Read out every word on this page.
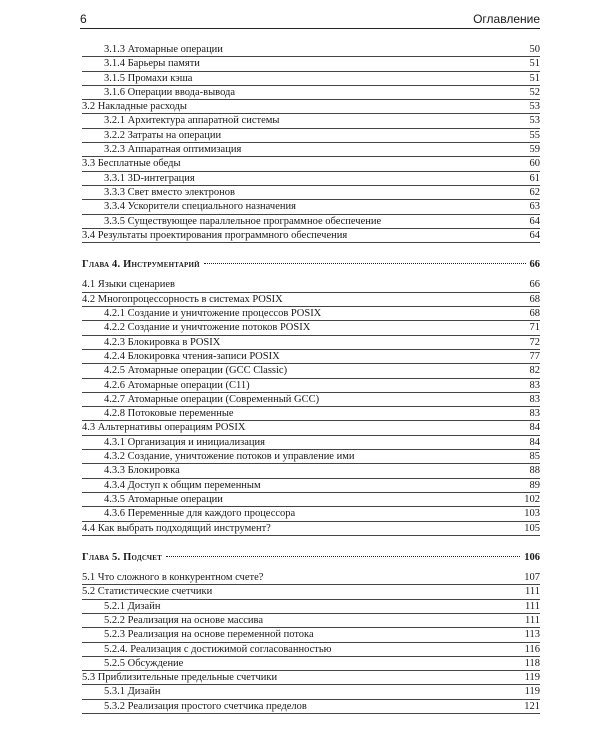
6	Оглавление
3.1.3 Атомарные операции	50
3.1.4 Барьеры памяти	51
3.1.5 Промахи кэша	51
3.1.6 Операции ввода-вывода	52
3.2 Накладные расходы	53
3.2.1 Архитектура аппаратной системы	53
3.2.2 Затраты на операции	55
3.2.3 Аппаратная оптимизация	59
3.3 Бесплатные обеды	60
3.3.1 3D-интеграция	61
3.3.3 Свет вместо электронов	62
3.3.4 Ускорители специального назначения	63
3.3.5 Существующее параллельное программное обеспечение	64
3.4 Результаты проектирования программного обеспечения	64
Глава 4. Инструментарий	66
4.1 Языки сценариев	66
4.2 Многопроцессорность в системах POSIX	68
4.2.1 Создание и уничтожение процессов POSIX	68
4.2.2 Создание и уничтожение потоков POSIX	71
4.2.3 Блокировка в POSIX	72
4.2.4 Блокировка чтения-записи POSIX	77
4.2.5 Атомарные операции (GCC Classic)	82
4.2.6 Атомарные операции (C11)	83
4.2.7 Атомарные операции (Современный GCC)	83
4.2.8 Потоковые переменные	83
4.3 Альтернативы операциям POSIX	84
4.3.1 Организация и инициализация	84
4.3.2 Создание, уничтожение потоков и управление ими	85
4.3.3 Блокировка	88
4.3.4 Доступ к общим переменным	89
4.3.5 Атомарные операции	102
4.3.6 Переменные для каждого процессора	103
4.4 Как выбрать подходящий инструмент?	105
Глава 5. Подсчет	106
5.1 Что сложного в конкурентном счете?	107
5.2 Статистические счетчики	111
5.2.1 Дизайн	111
5.2.2 Реализация на основе массива	111
5.2.3 Реализация на основе переменной потока	113
5.2.4. Реализация с достижимой согласованностью	116
5.2.5 Обсуждение	118
5.3 Приблизительные предельные счетчики	119
5.3.1 Дизайн	119
5.3.2 Реализация простого счетчика пределов	121
